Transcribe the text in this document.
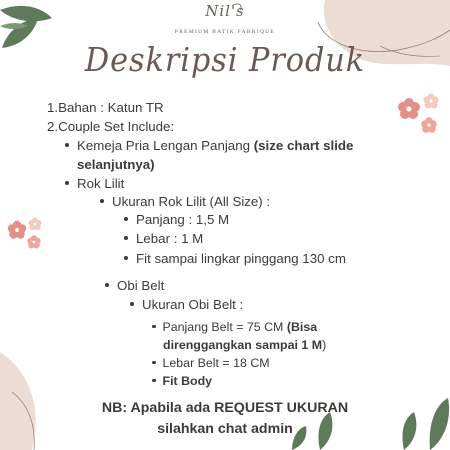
Nil's
PREMIUM BATIK FABRIQUE
Deskripsi Produk
1.Bahan : Katun TR
2.Couple Set Include:
Kemeja Pria Lengan Panjang (size chart slide
selanjutnya)
Rok Lilit
Ukuran Rok Lilit (All Size) :
Panjang : 1,5 M
Lebar : 1 M
Fit sampai lingkar pinggang 130 cm
Obi Belt
Ukuran Obi Belt :
Panjang Belt = 75 CM (Bisa
direnggangkan sampai 1 M)
Lebar Belt = 18 CM
Fit Body
NB: Apabila ada REQUEST UKURAN
silahkan chat admin
